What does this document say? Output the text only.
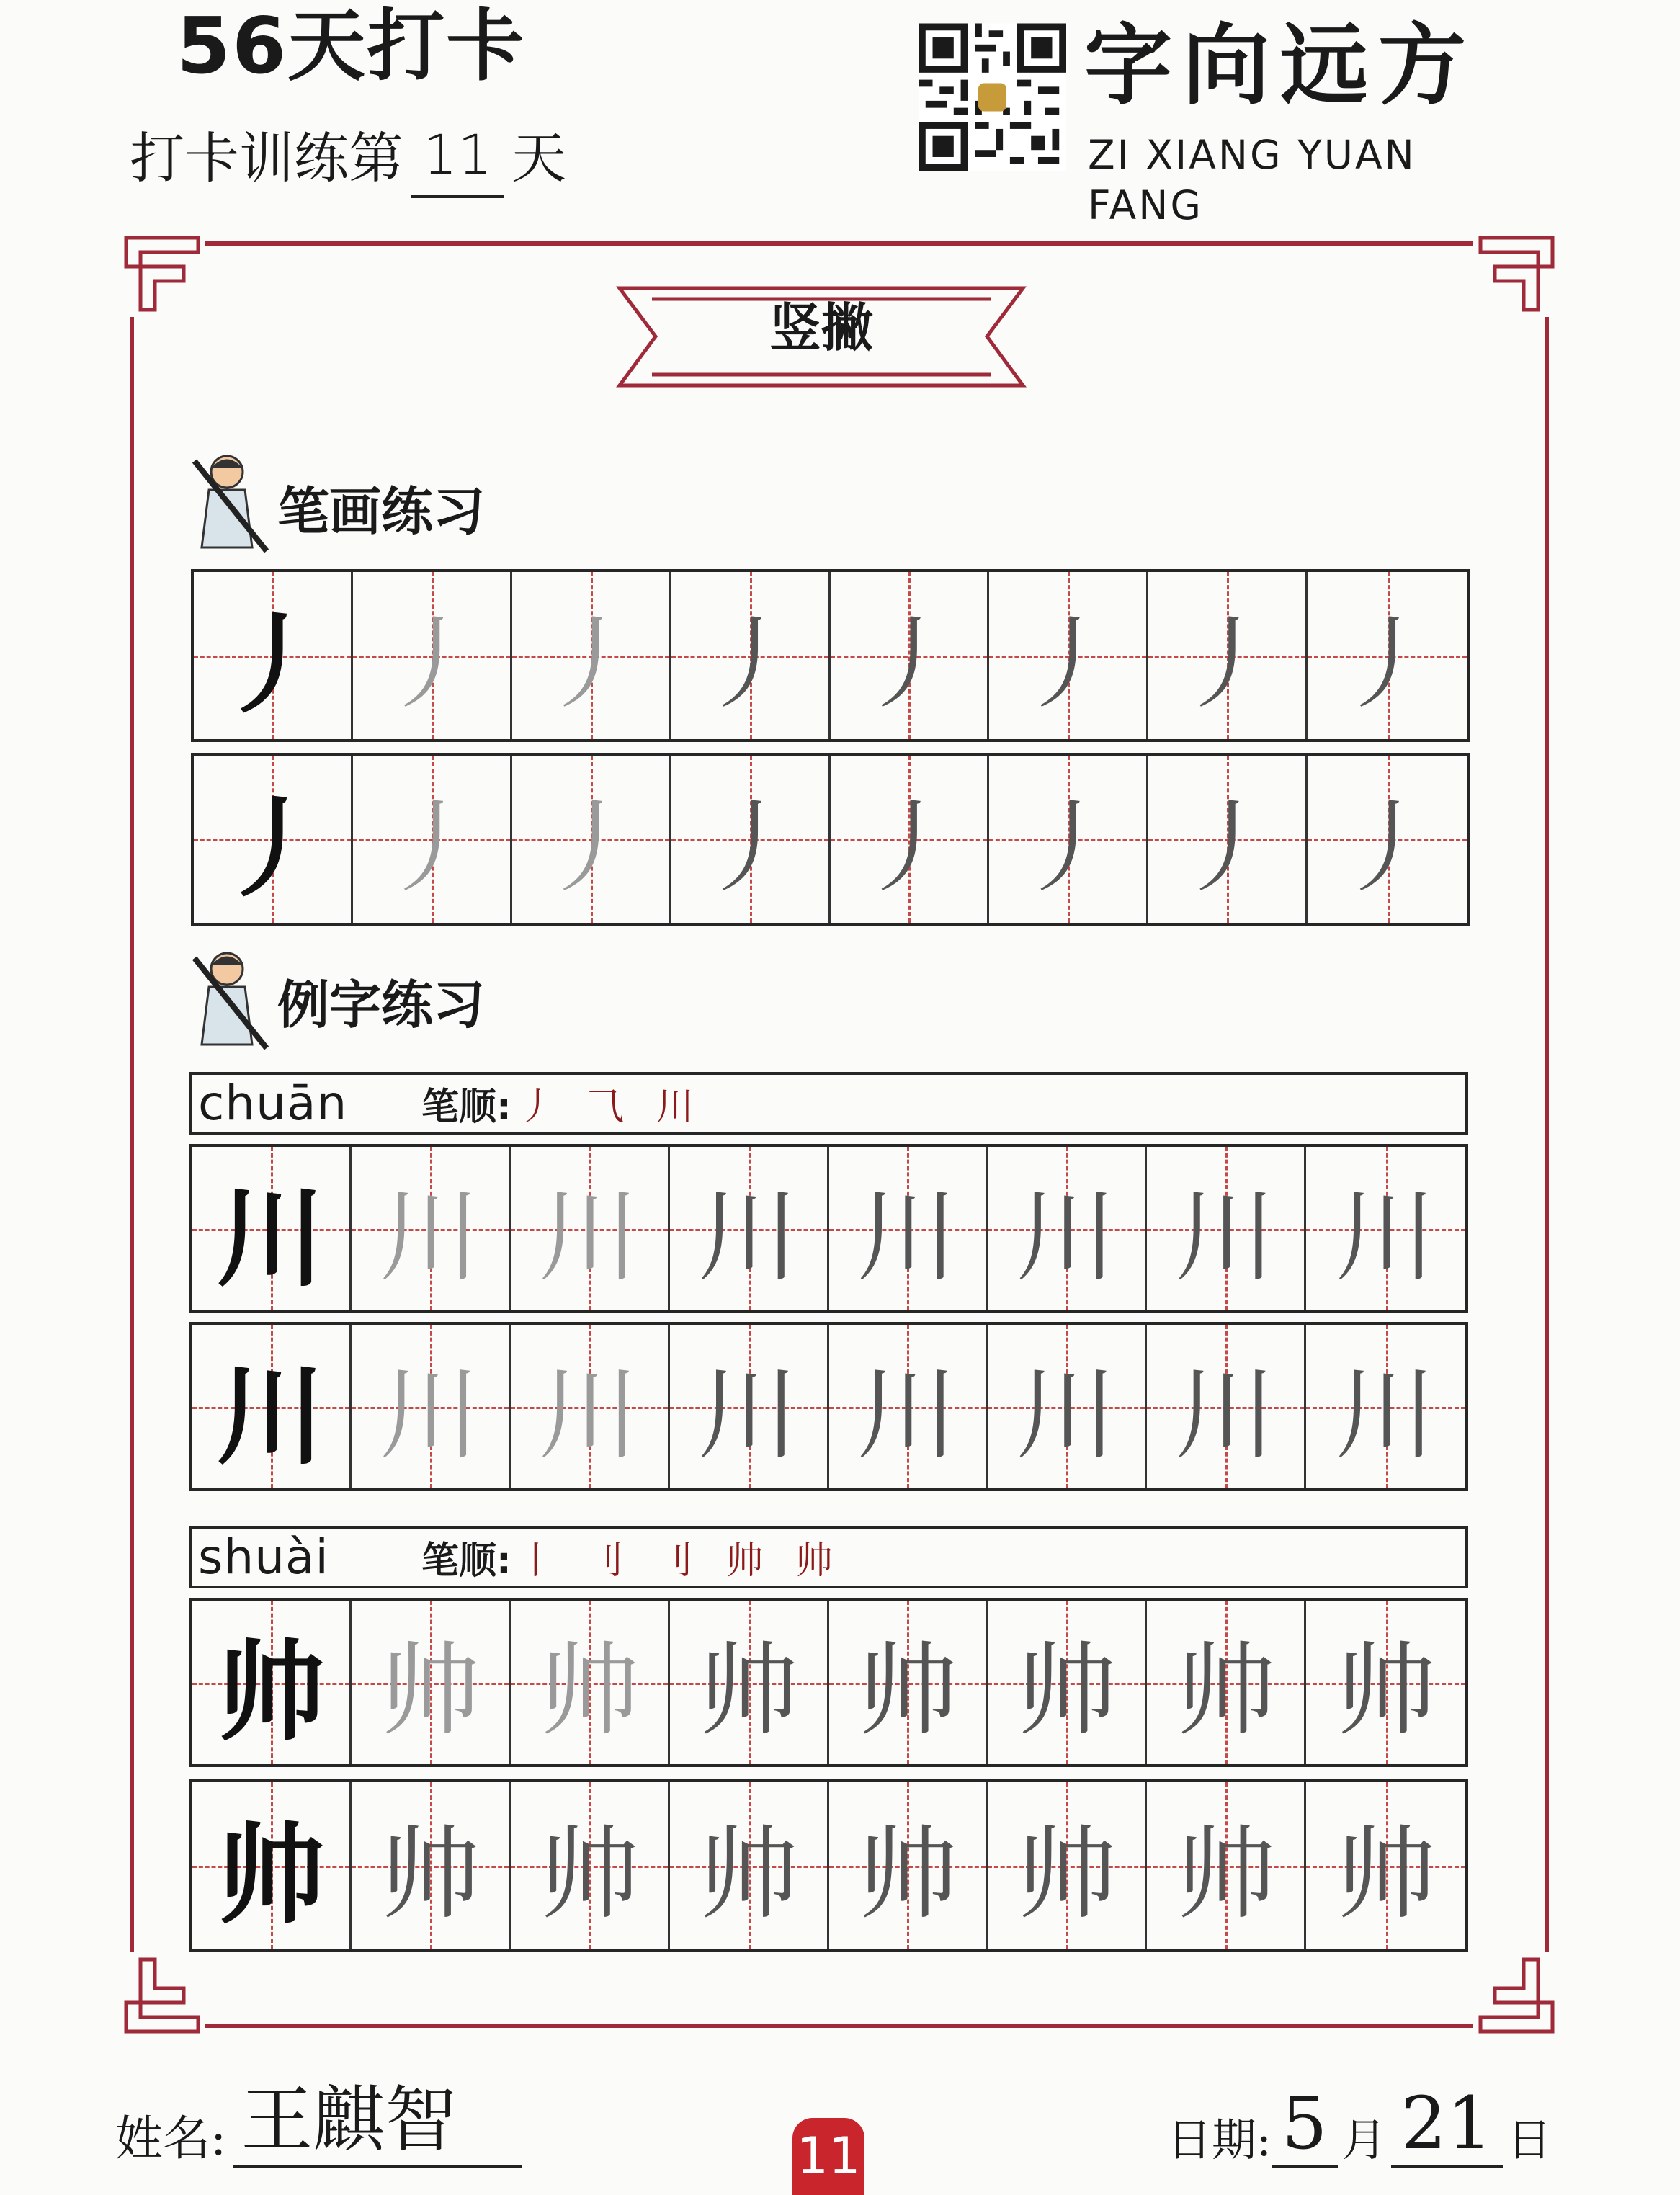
56天打卡
打卡训练第 11 天
字向远方
ZI XIANG YUAN FANG
竖撇
笔画练习
丿 丿 丿 丿 丿 丿 丿 丿
丿 丿 丿 丿 丿 丿 丿 丿
例字练习
chuān	笔顺: 丿 ⺄ 川
川 川 川 川 川 川 川 川
川 川 川 川 川 川 川 川
shuài	笔顺: 丨 刂 刂 帅 帅
帅 帅 帅 帅 帅 帅 帅 帅
帅 帅 帅 帅 帅 帅 帅 帅
姓名: 王麒智	11	日期: 5 月 21 日
